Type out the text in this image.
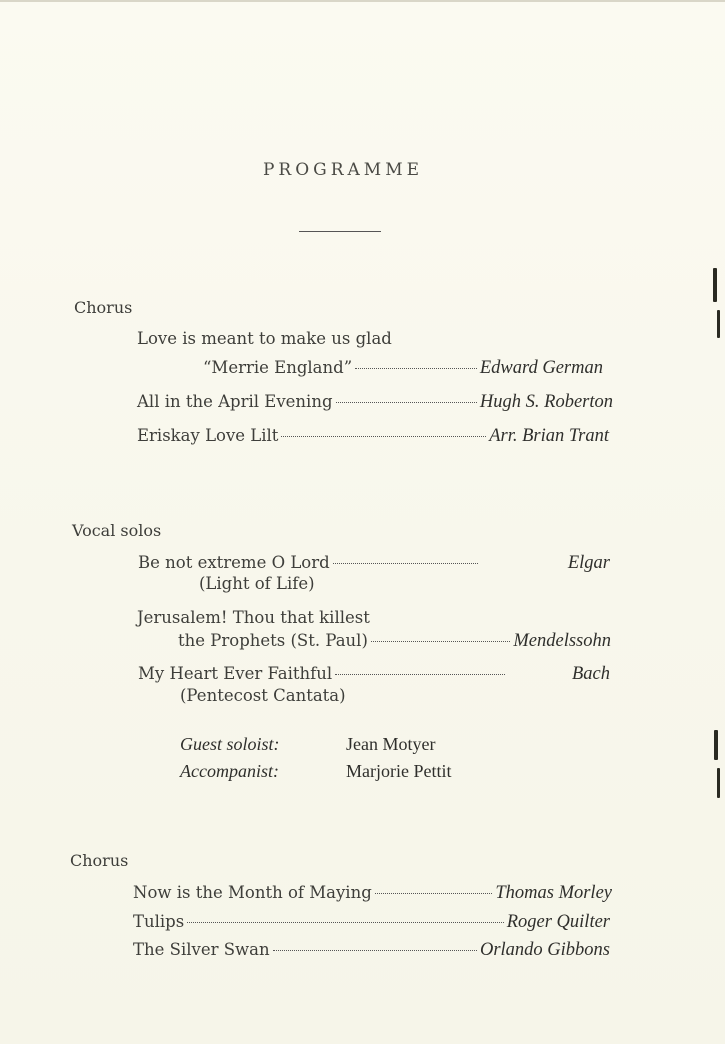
PROGRAMME
Chorus
Love is meant to make us glad
“Merrie England”	Edward German
All in the April Evening	Hugh S. Roberton
Eriskay Love Lilt	Arr. Brian Trant
Vocal solos
Be not extreme O Lord	Elgar
(Light of Life)
Jerusalem! Thou that killest
the Prophets (St. Paul)	Mendelssohn
My Heart Ever Faithful	Bach
(Pentecost Cantata)
Guest soloist:	Jean Motyer
Accompanist:	Marjorie Pettit
Chorus
Now is the Month of Maying	Thomas Morley
Tulips	Roger Quilter
The Silver Swan	Orlando Gibbons
